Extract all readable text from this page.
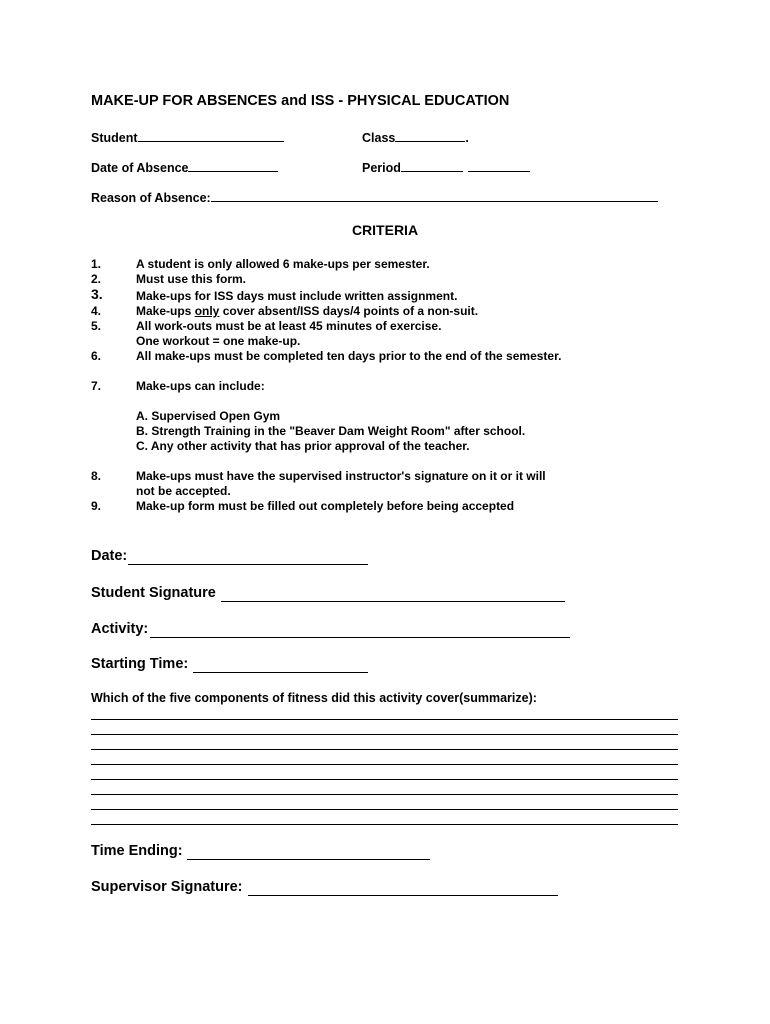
MAKE-UP FOR ABSENCES and ISS - PHYSICAL EDUCATION
Student	Class	.
Date of Absence	Period
Reason of Absence:
CRITERIA
1.	A student is only allowed 6 make-ups per semester.
2.	Must use this form.
3.	Make-ups for ISS days must include written assignment.
4.	Make-ups only cover absent/ISS days/4 points of a non-suit.
5.	All work-outs must be at least 45 minutes of exercise.
One workout = one make-up.
6.	All make-ups must be completed ten days prior to the end of the semester.
7.	Make-ups can include:
A. Supervised Open Gym
B. Strength Training in the "Beaver Dam Weight Room" after school.
C. Any other activity that has prior approval of the teacher.
8.	Make-ups must have the supervised instructor's signature on it or it will
not be accepted.
9.	Make-up form must be filled out completely before being accepted
Date:
Student Signature
Activity:
Starting Time:
Which of the five components of fitness did this activity cover(summarize):
Time Ending:
Supervisor Signature:
